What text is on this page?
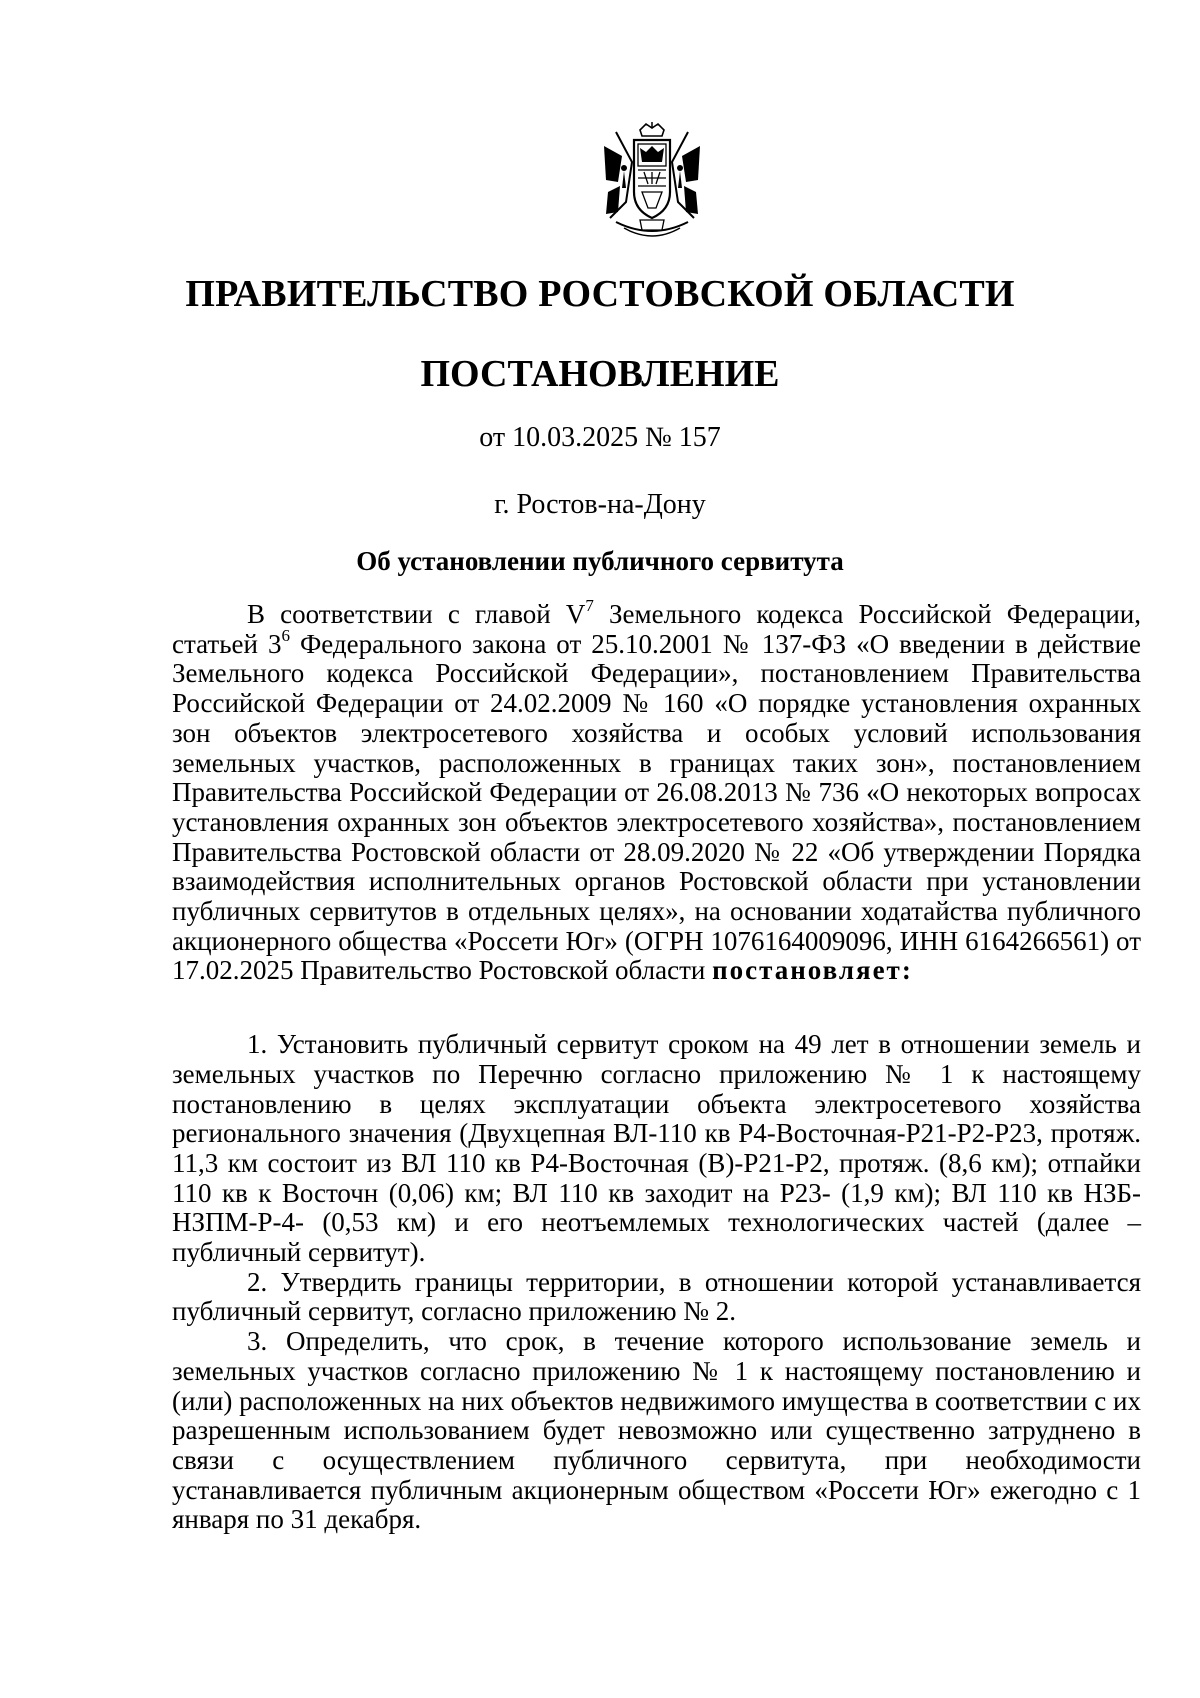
ПРАВИТЕЛЬСТВО РОСТОВСКОЙ ОБЛАСТИ
ПОСТАНОВЛЕНИЕ
от 10.03.2025 № 157
г. Ростов-на-Дону
Об установлении публичного сервитута

В соответствии с главой $V^7$ Земельного кодекса Российской Федерации, статьей $3^6$ Федерального закона от 25.10.2001 № 137-ФЗ «О введении в действие Земельного кодекса Российской Федерации», постановлением Правительства Российской Федерации от 24.02.2009 № 160 «О порядке установления охранных зон объектов электросетевого хозяйства и особых условий использования земельных участков, расположенных в границах таких зон», постановлением Правительства Российской Федерации от 26.08.2013 № 736 «О некоторых вопросах установления охранных зон объектов электросетевого хозяйства», постановлением Правительства Ростовской области от 28.09.2020 № 22 «Об утверждении Порядка взаимодействия исполнительных органов Ростовской области при установлении публичных сервитутов в отдельных целях», на основании ходатайства публичного акционерного общества «Россети Юг» (ОГРН 1076164009096, ИНН 6164266561) от 17.02.2025 Правительство Ростовской области постановляет:

1. Установить публичный сервитут сроком на 49 лет в отношении земель и земельных участков по Перечню согласно приложению № 1 к настоящему постановлению в целях эксплуатации объекта электросетевого хозяйства регионального значения (Двухцепная ВЛ-110 кв Р4-Восточная-Р21-Р2-Р23, протяж. 11,3 км состоит из ВЛ 110 кв Р4-Восточная (В)-Р21-Р2, протяж. (8,6 км); отпайки 110 кв к Восточн (0,06) км; ВЛ 110 кв заходит на Р23- (1,9 км); ВЛ 110 кв НЗБ-НЗПМ-Р-4- (0,53 км) и его неотъемлемых технологических частей (далее – публичный сервитут).

2. Утвердить границы территории, в отношении которой устанавливается публичный сервитут, согласно приложению № 2.

3. Определить, что срок, в течение которого использование земель и земельных участков согласно приложению № 1 к настоящему постановлению и (или) расположенных на них объектов недвижимого имущества в соответствии с их разрешенным использованием будет невозможно или существенно затруднено в связи с осуществлением публичного сервитута, при необходимости устанавливается публичным акционерным обществом «Россети Юг» ежегодно с 1 января по 31 декабря.
